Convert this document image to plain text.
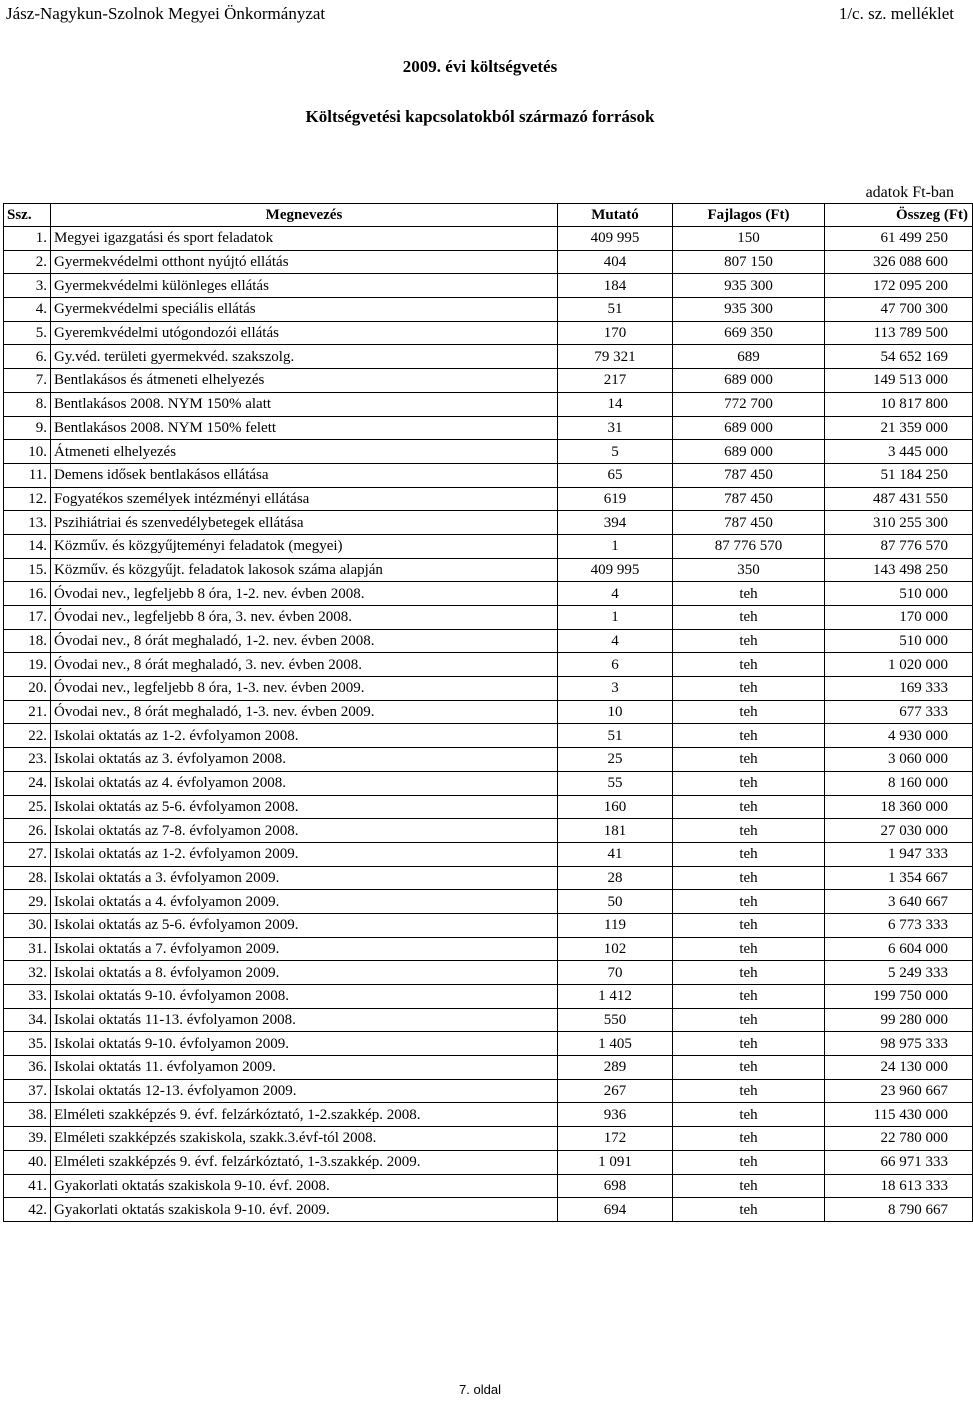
Jász-Nagykun-Szolnok Megyei Önkormányzat	1/c. sz. melléklet
2009. évi költségvetés
Költségvetési kapcsolatokból származó források
adatok Ft-ban
Ssz.	Megnevezés	Mutató	Fajlagos (Ft)	Összeg (Ft)
1.	Megyei igazgatási és sport feladatok	409 995	150	61 499 250
2.	Gyermekvédelmi otthont nyújtó ellátás	404	807 150	326 088 600
3.	Gyermekvédelmi különleges ellátás	184	935 300	172 095 200
4.	Gyermekvédelmi speciális ellátás	51	935 300	47 700 300
5.	Gyeremkvédelmi utógondozói ellátás	170	669 350	113 789 500
6.	Gy.véd. területi gyermekvéd. szakszolg.	79 321	689	54 652 169
7.	Bentlakásos és átmeneti elhelyezés	217	689 000	149 513 000
8.	Bentlakásos 2008. NYM 150% alatt	14	772 700	10 817 800
9.	Bentlakásos 2008. NYM 150% felett	31	689 000	21 359 000
10.	Átmeneti elhelyezés	5	689 000	3 445 000
11.	Demens idősek bentlakásos ellátása	65	787 450	51 184 250
12.	Fogyatékos személyek intézményi ellátása	619	787 450	487 431 550
13.	Pszihiátriai és szenvedélybetegek ellátása	394	787 450	310 255 300
14.	Közműv. és közgyűjteményi feladatok (megyei)	1	87 776 570	87 776 570
15.	Közműv. és közgyűjt. feladatok lakosok száma alapján	409 995	350	143 498 250
16.	Óvodai nev., legfeljebb 8 óra, 1-2. nev. évben 2008.	4	teh	510 000
17.	Óvodai nev., legfeljebb 8 óra, 3. nev. évben 2008.	1	teh	170 000
18.	Óvodai nev., 8 órát meghaladó, 1-2. nev. évben 2008.	4	teh	510 000
19.	Óvodai nev., 8 órát meghaladó, 3. nev. évben 2008.	6	teh	1 020 000
20.	Óvodai nev., legfeljebb 8 óra, 1-3. nev. évben 2009.	3	teh	169 333
21.	Óvodai nev., 8 órát meghaladó, 1-3. nev. évben 2009.	10	teh	677 333
22.	Iskolai oktatás az 1-2. évfolyamon 2008.	51	teh	4 930 000
23.	Iskolai oktatás az 3. évfolyamon 2008.	25	teh	3 060 000
24.	Iskolai oktatás az 4. évfolyamon 2008.	55	teh	8 160 000
25.	Iskolai oktatás az 5-6. évfolyamon 2008.	160	teh	18 360 000
26.	Iskolai oktatás az 7-8. évfolyamon 2008.	181	teh	27 030 000
27.	Iskolai oktatás az 1-2. évfolyamon 2009.	41	teh	1 947 333
28.	Iskolai oktatás a 3. évfolyamon 2009.	28	teh	1 354 667
29.	Iskolai oktatás a 4. évfolyamon 2009.	50	teh	3 640 667
30.	Iskolai oktatás az 5-6. évfolyamon 2009.	119	teh	6 773 333
31.	Iskolai oktatás a 7. évfolyamon 2009.	102	teh	6 604 000
32.	Iskolai oktatás a 8. évfolyamon 2009.	70	teh	5 249 333
33.	Iskolai oktatás 9-10. évfolyamon 2008.	1 412	teh	199 750 000
34.	Iskolai oktatás 11-13. évfolyamon 2008.	550	teh	99 280 000
35.	Iskolai oktatás 9-10. évfolyamon 2009.	1 405	teh	98 975 333
36.	Iskolai oktatás 11. évfolyamon 2009.	289	teh	24 130 000
37.	Iskolai oktatás 12-13. évfolyamon 2009.	267	teh	23 960 667
38.	Elméleti szakképzés 9. évf. felzárkóztató, 1-2.szakkép. 2008.	936	teh	115 430 000
39.	Elméleti szakképzés szakiskola, szakk.3.évf-tól 2008.	172	teh	22 780 000
40.	Elméleti szakképzés 9. évf. felzárkóztató, 1-3.szakkép. 2009.	1 091	teh	66 971 333
41.	Gyakorlati oktatás szakiskola 9-10. évf. 2008.	698	teh	18 613 333
42.	Gyakorlati oktatás szakiskola 9-10. évf. 2009.	694	teh	8 790 667
7. oldal
